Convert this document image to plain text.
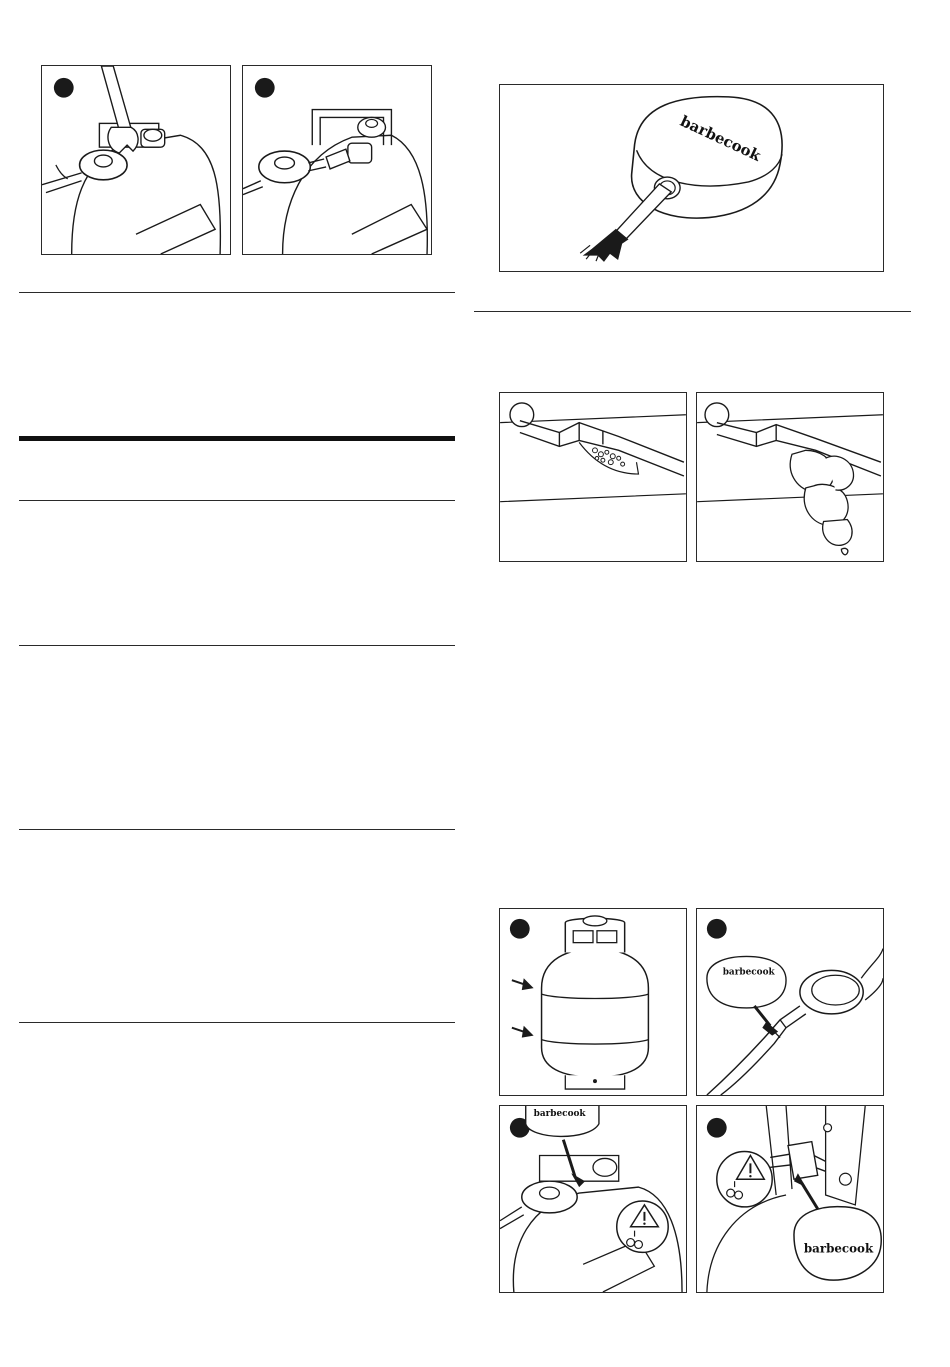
barbecook
barbecook
barbecook
barbecook
